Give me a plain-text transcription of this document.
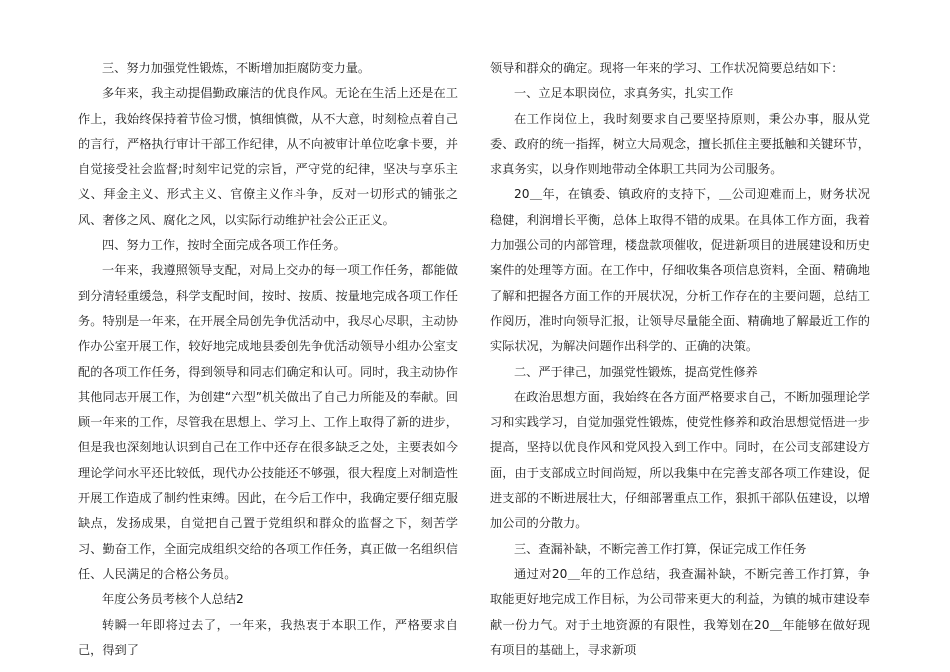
三、努力加强党性锻炼，不断增加拒腐防变力量。

多年来，我主动提倡勤政廉洁的优良作风。无论在生活上还是在工作上，我始终保持着节俭习惯，慎细慎微，从不大意，时刻检点着自己的言行，严格执行审计干部工作纪律，从不向被审计单位吃拿卡要，并自觉接受社会监督;时刻牢记党的宗旨，严守党的纪律，坚决与享乐主义、拜金主义、形式主义、官僚主义作斗争，反对一切形式的铺张之风、奢侈之风、腐化之风，以实际行动维护社会公正正义。

四、努力工作，按时全面完成各项工作任务。

一年来，我遵照领导支配，对局上交办的每一项工作任务，都能做到分清轻重缓急，科学支配时间，按时、按质、按量地完成各项工作任务。特别是一年来，在开展全局创先争优活动中，我尽心尽职，主动协作办公室开展工作，较好地完成地县委创先争优活动领导小组办公室支配的各项工作任务，得到领导和同志们确定和认可。同时，我主动协作其他同志开展工作，为创建“六型”机关做出了自己力所能及的奉献。回顾一年来的工作，尽管我在思想上、学习上、工作上取得了新的进步，但是我也深刻地认识到自己在工作中还存在很多缺乏之处，主要表如今理论学问水平还比较低，现代办公技能还不够强，很大程度上对制造性开展工作造成了制约性束缚。因此，在今后工作中，我确定要仔细克服缺点，发扬成果，自觉把自己置于党组织和群众的监督之下，刻苦学习、勤奋工作，全面完成组织交给的各项工作任务，真正做一名组织信任、人民满足的合格公务员。

年度公务员考核个人总结2

转瞬一年即将过去了，一年来，我热衷于本职工作，严格要求自己，得到了

领导和群众的确定。现将一年来的学习、工作状况简要总结如下：

一、立足本职岗位，求真务实，扎实工作

在工作岗位上，我时刻要求自己要坚持原则，秉公办事，服从党委、政府的统一指挥，树立大局观念，擅长抓住主要抵触和关键环节，求真务实，以身作则地带动全体职工共同为公司服务。

20＿年，在镇委、镇政府的支持下，＿公司迎难而上，财务状况稳健，利润增长平衡，总体上取得不错的成果。在具体工作方面，我着力加强公司的内部管理，楼盘款项催收，促进新项目的进展建设和历史案件的处理等方面。在工作中，仔细收集各项信息资料，全面、精确地了解和把握各方面工作的开展状况，分析工作存在的主要问题，总结工作阅历，准时向领导汇报，让领导尽量能全面、精确地了解最近工作的实际状况，为解决问题作出科学的、正确的决策。

二、严于律己，加强党性锻炼，提高党性修养

在政治思想方面，我始终在各方面严格要求自己，不断加强理论学习和实践学习，自觉加强党性锻炼，使党性修养和政治思想觉悟进一步提高，坚持以优良作风和党风投入到工作中。同时，在公司支部建设方面，由于支部成立时间尚短，所以我集中在完善支部各项工作建设，促进支部的不断进展壮大，仔细部署重点工作，狠抓干部队伍建设，以增加公司的分散力。

三、查漏补缺，不断完善工作打算，保证完成工作任务

通过对20＿年的工作总结，我查漏补缺，不断完善工作打算，争取能更好地完成工作目标，为公司带来更大的利益，为镇的城市建设奉献一份力气。对于土地资源的有限性，我筹划在20＿年能够在做好现有项目的基础上，寻求新项
